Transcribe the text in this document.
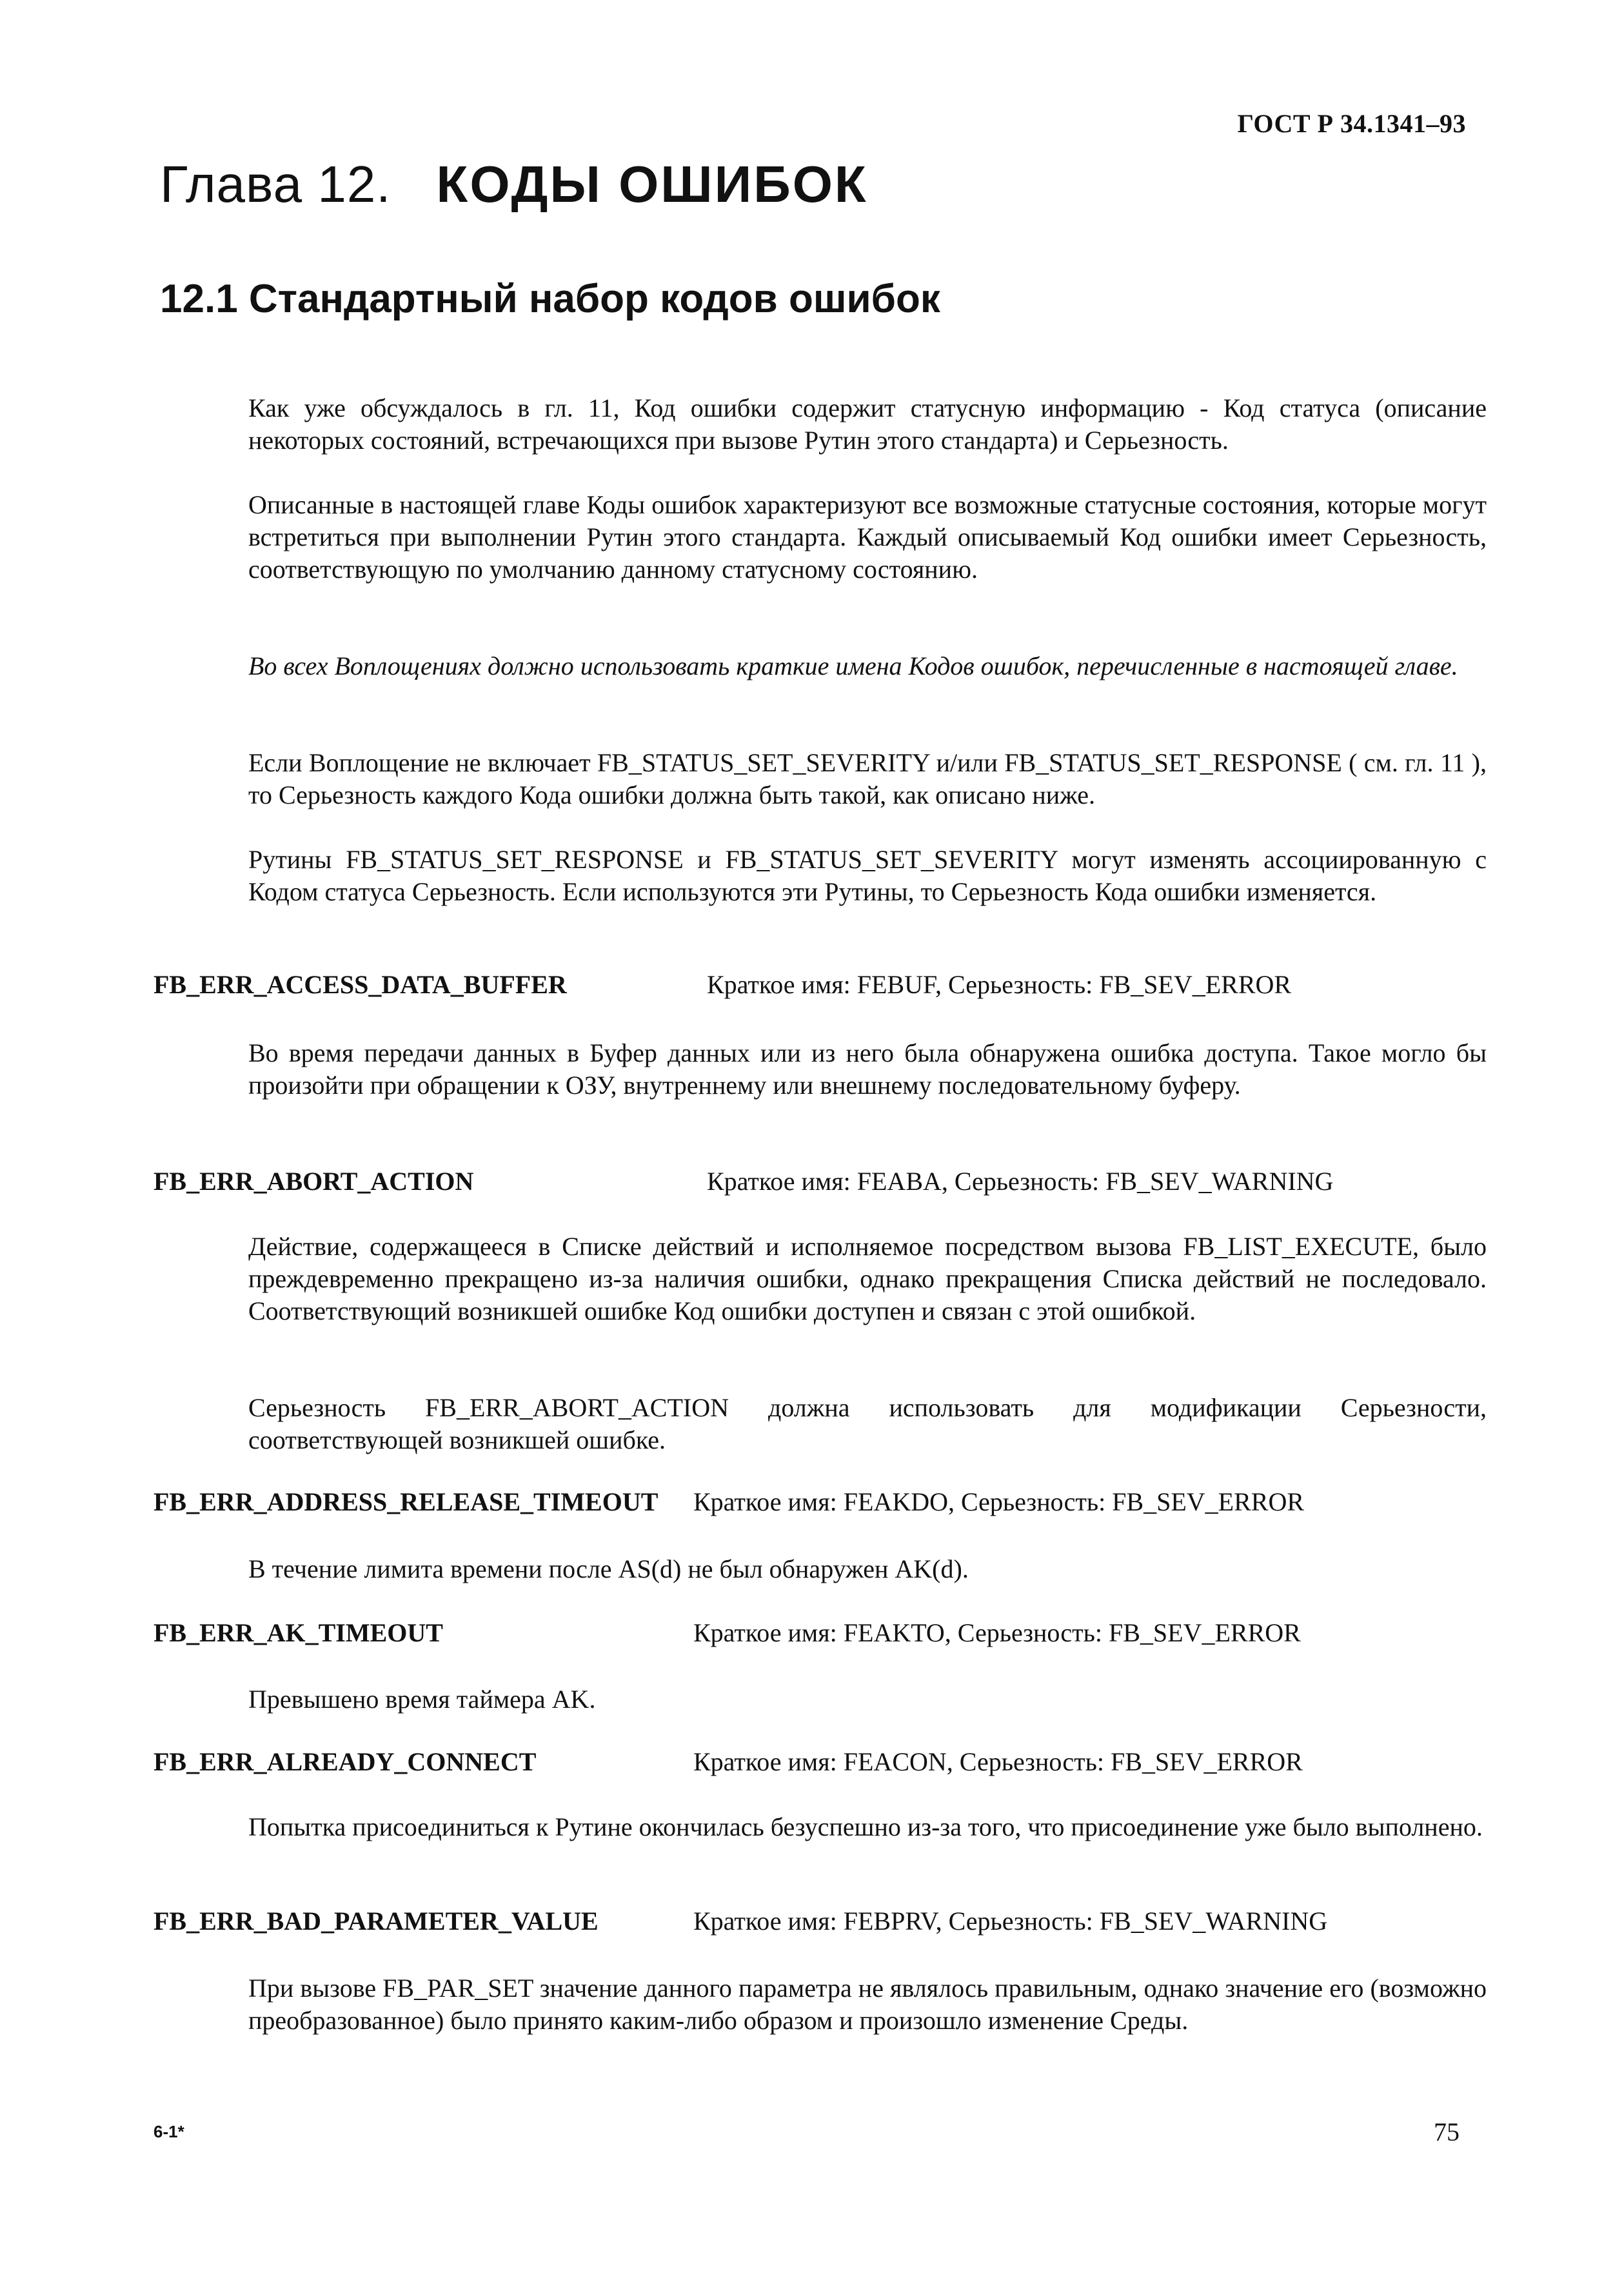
ГОСТ Р 34.1341–93
Глава 12. КОДЫ ОШИБОК
12.1 Стандартный набор кодов ошибок
Как уже обсуждалось в гл. 11, Код ошибки содержит статусную информацию - Код статуса (описание некоторых состояний, встречающихся при вызове Рутин этого стандарта) и Серьезность.
Описанные в настоящей главе Коды ошибок характеризуют все возможные статусные состояния, которые могут встретиться при выполнении Рутин этого стандарта. Каждый описываемый Код ошибки имеет Серьезность, соответствующую по умолчанию данному статусному состоянию.
Во всех Воплощениях должно использовать краткие имена Кодов ошибок, перечисленные в настоящей главе.
Если Воплощение не включает FB_STATUS_SET_SEVERITY и/или FB_STATUS_SET_RESPONSE ( см. гл. 11 ), то Серьезность каждого Кода ошибки должна быть такой, как описано ниже.
Рутины FB_STATUS_SET_RESPONSE и FB_STATUS_SET_SEVERITY могут изменять ассоциированную с Кодом статуса Серьезность. Если используются эти Рутины, то Серьезность Кода ошибки изменяется.
FB_ERR_ACCESS_DATA_BUFFER	Краткое имя: FEBUF, Серьезность: FB_SEV_ERROR
Во время передачи данных в Буфер данных или из него была обнаружена ошибка доступа. Такое могло бы произойти при обращении к ОЗУ, внутреннему или внешнему последовательному буферу.
FB_ERR_ABORT_ACTION	Краткое имя: FEABA, Серьезность: FB_SEV_WARNING
Действие, содержащееся в Списке действий и исполняемое посредством вызова FB_LIST_EXECUTE, было преждевременно прекращено из-за наличия ошибки, однако прекращения Списка действий не последовало. Соответствующий возникшей ошибке Код ошибки доступен и связан с этой ошибкой.
Серьезность FB_ERR_ABORT_ACTION должна использовать для модификации Серьезности, соответствующей возникшей ошибке.
FB_ERR_ADDRESS_RELEASE_TIMEOUT Краткое имя: FEAKDO, Серьезность: FB_SEV_ERROR
В течение лимита времени после AS(d) не был обнаружен AK(d).
FB_ERR_AK_TIMEOUT	Краткое имя: FEAKTO, Серьезность: FB_SEV_ERROR
Превышено время таймера AK.
FB_ERR_ALREADY_CONNECT	Краткое имя: FEACON, Серьезность: FB_SEV_ERROR
Попытка присоединиться к Рутине окончилась безуспешно из-за того, что присоединение уже было выполнено.
FB_ERR_BAD_PARAMETER_VALUE	Краткое имя: FEBPRV, Серьезность: FB_SEV_WARNING
При вызове FB_PAR_SET значение данного параметра не являлось правильным, однако значение его (возможно преобразованное) было принято каким-либо образом и произошло изменение Среды.
6-1*	75
